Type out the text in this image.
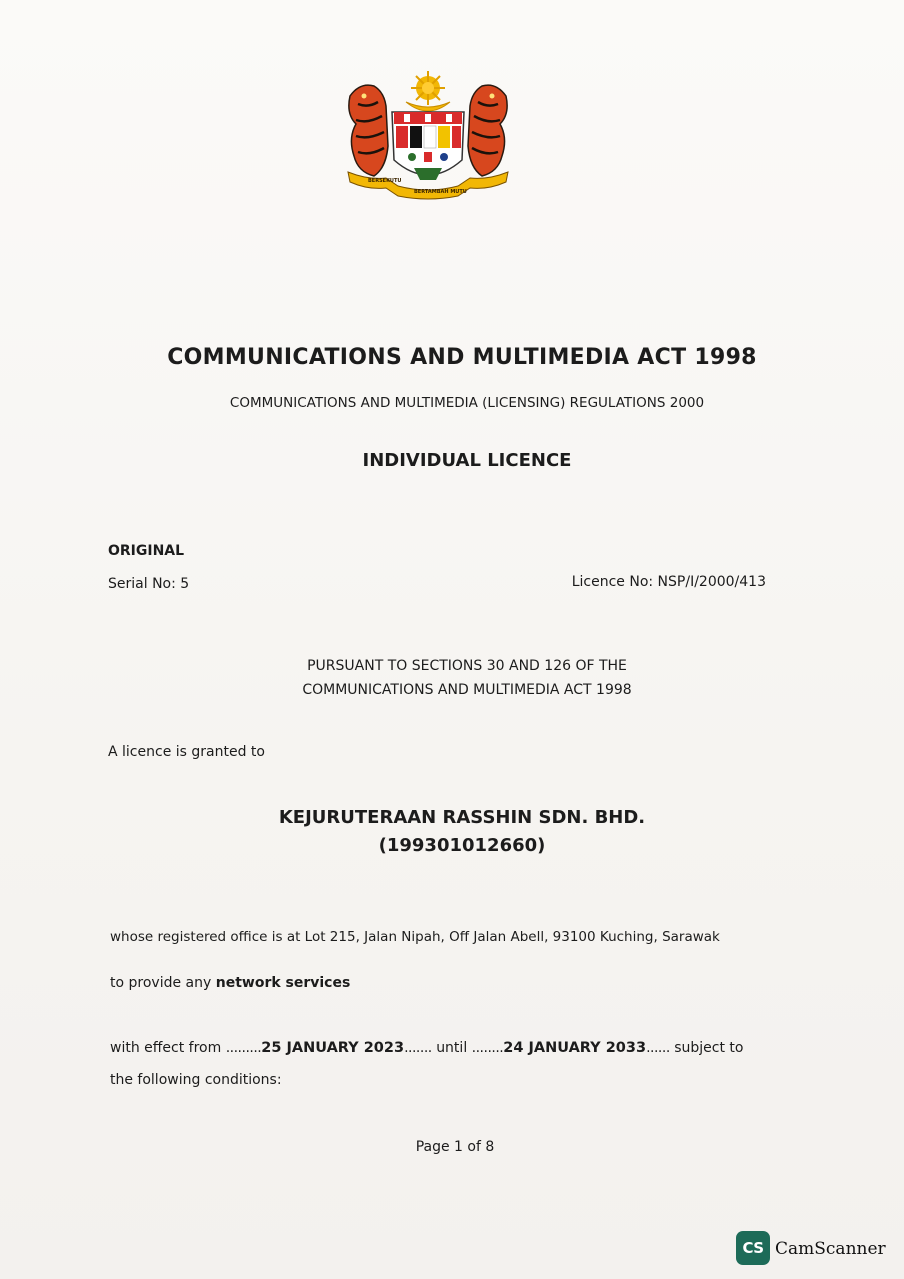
BERSEKUTU
BERTAMBAH MUTU
COMMUNICATIONS AND MULTIMEDIA ACT 1998
COMMUNICATIONS AND MULTIMEDIA (LICENSING) REGULATIONS 2000
INDIVIDUAL LICENCE
ORIGINAL
Serial No: 5	Licence No: NSP/I/2000/413
PURSUANT TO SECTIONS 30 AND 126 OF THE
COMMUNICATIONS AND MULTIMEDIA ACT 1998
A licence is granted to
KEJURUTERAAN RASSHIN SDN. BHD.
(199301012660)
whose registered office is at Lot 215, Jalan Nipah, Off Jalan Abell, 93100 Kuching, Sarawak
to provide any network services
with effect from .........25 JANUARY 2023....... until ........24 JANUARY 2033...... subject to
the following conditions:
Page 1 of 8
CS CamScanner
